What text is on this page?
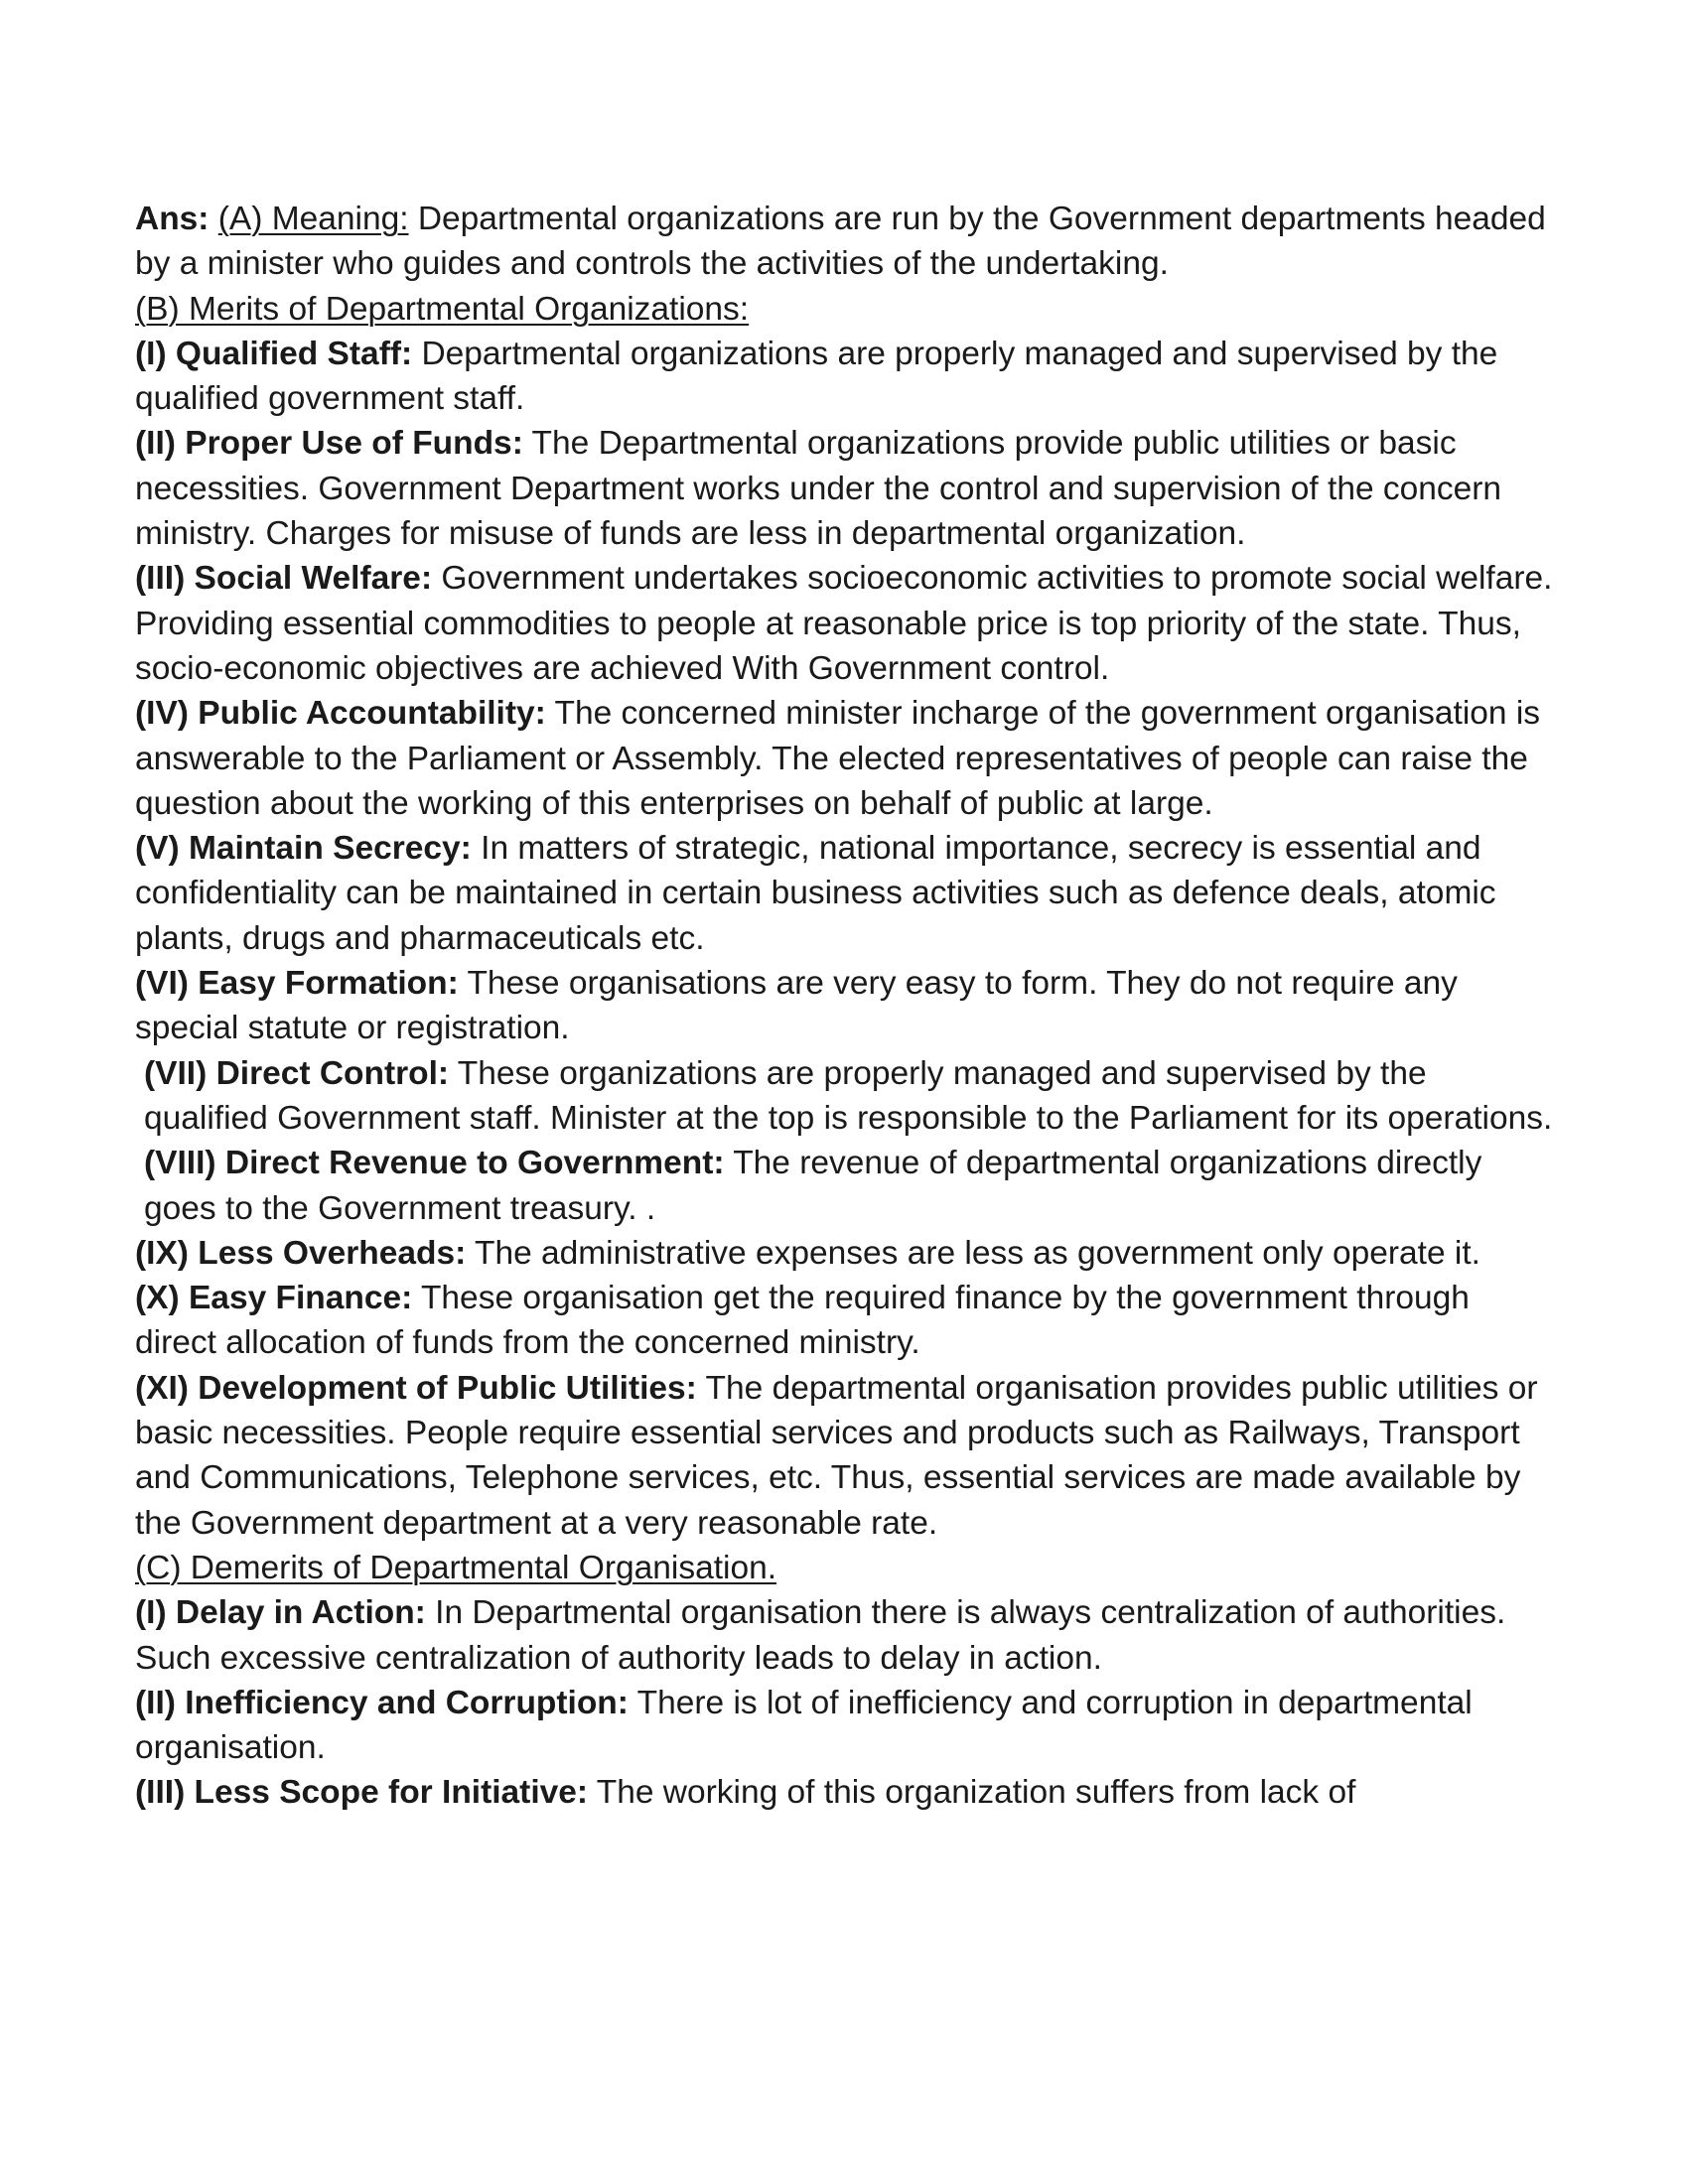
Ans: (A) Meaning: Departmental organizations are run by the Government departments headed by a minister who guides and controls the activities of the undertaking.

(B) Merits of Departmental Organizations:

(I) Qualified Staff: Departmental organizations are properly managed and supervised by the qualified government staff.

(II) Proper Use of Funds: The Departmental organizations provide public utilities or basic necessities. Government Department works under the control and supervision of the concern ministry. Charges for misuse of funds are less in departmental organization.

(III) Social Welfare: Government undertakes socioeconomic activities to promote social welfare. Providing essential commodities to people at reasonable price is top priority of the state. Thus, socio-economic objectives are achieved With Government control.

(IV) Public Accountability: The concerned minister incharge of the government organisation is answerable to the Parliament or Assembly. The elected representatives of people can raise the question about the working of this enterprises on behalf of public at large.

(V) Maintain Secrecy: In matters of strategic, national importance, secrecy is essential and confidentiality can be maintained in certain business activities such as defence deals, atomic plants, drugs and pharmaceuticals etc.

(VI) Easy Formation: These organisations are very easy to form. They do not require any special statute or registration.

(VII) Direct Control: These organizations are properly managed and supervised by the qualified Government staff. Minister at the top is responsible to the Parliament for its operations.

(VIII) Direct Revenue to Government: The revenue of departmental organizations directly goes to the Government treasury. .

(IX) Less Overheads: The administrative expenses are less as government only operate it.

(X) Easy Finance: These organisation get the required finance by the government through direct allocation of funds from the concerned ministry.

(XI) Development of Public Utilities: The departmental organisation provides public utilities or basic necessities. People require essential services and products such as Railways, Transport and Communications, Telephone services, etc. Thus, essential services are made available by the Government department at a very reasonable rate.

(C) Demerits of Departmental Organisation.

(I) Delay in Action: In Departmental organisation there is always centralization of authorities. Such excessive centralization of authority leads to delay in action.

(II) Inefficiency and Corruption: There is lot of inefficiency and corruption in departmental organisation.

(III) Less Scope for Initiative: The working of this organization suffers from lack of
